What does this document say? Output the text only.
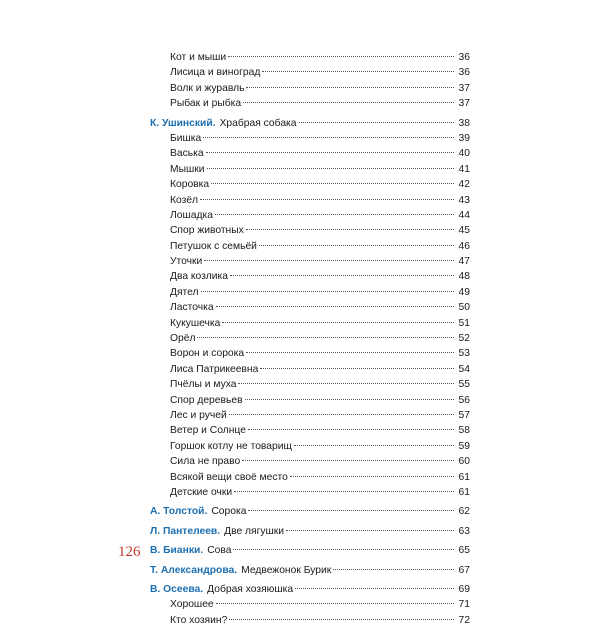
Кот и мыши	36
Лисица и виноград	36
Волк и журавль	37
Рыбак и рыбка	37
К. Ушинский. Храбрая собака	38
Бишка	39
Васька	40
Мышки	41
Коровка	42
Козёл	43
Лошадка	44
Спор животных	45
Петушок с семьёй	46
Уточки	47
Два козлика	48
Дятел	49
Ласточка	50
Кукушечка	51
Орёл	52
Ворон и сорока	53
Лиса Патрикеевна	54
Пчёлы и муха	55
Спор деревьев	56
Лес и ручей	57
Ветер и Солнце	58
Горшок котлу не товарищ	59
Сила не право	60
Всякой вещи своё место	61
Детские очки	61
А. Толстой. Сорока	62
Л. Пантелеев. Две лягушки	63
В. Бианки. Сова	65
Т. Александрова. Медвежонок Бурик	67
В. Осеева. Добрая хозяюшка	69
Хорошее	71
Кто хозяин?	72
126
